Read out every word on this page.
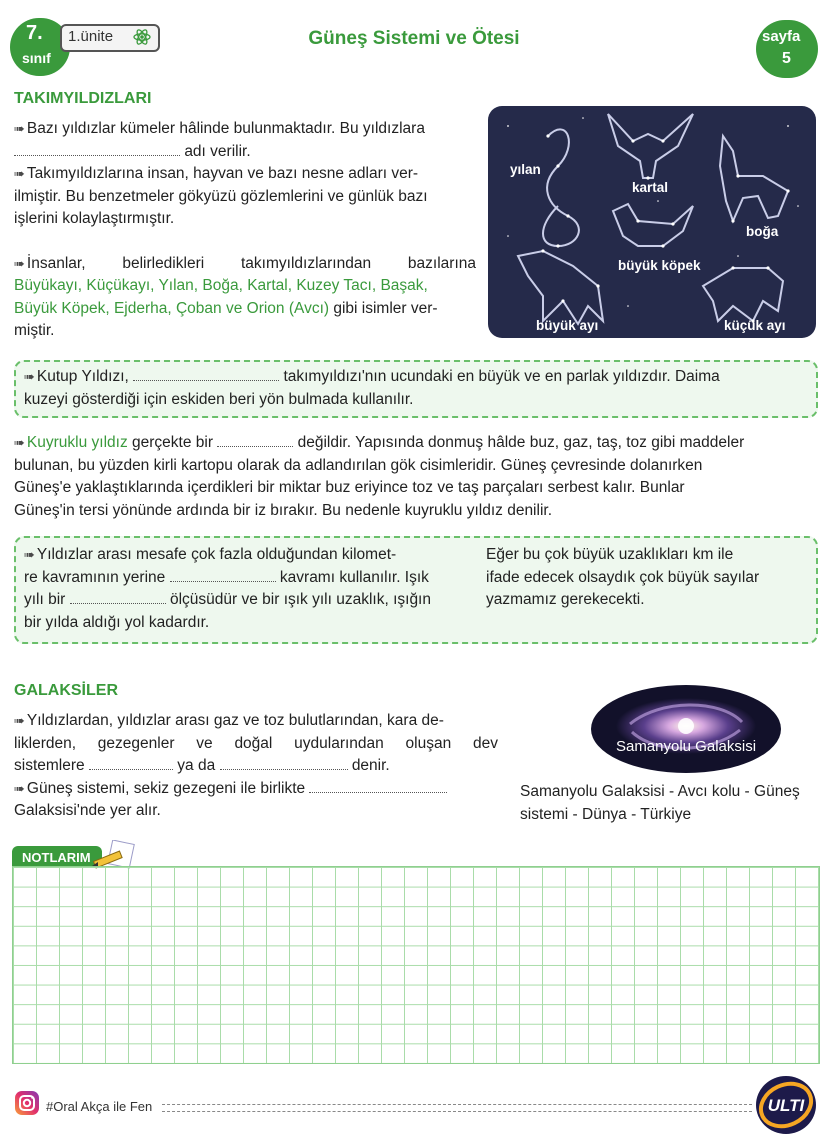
7.
sınıf
1.ünite	Güneş Sistemi ve Ötesi	sayfa
5
TAKIMYILDIZLARI

➠ Bazı yıldızlar kümeler hâlinde bulunmaktadır. Bu yıldızlara

adı verilir.

➠ Takımyıldızlarına insan, hayvan ve bazı nesne adları ver-

ilmiştir. Bu benzetmeler gökyüzü gözlemlerini ve günlük bazı

işlerini kolaylaştırmıştır.

➠ İnsanlar, belirledikleri takımyıldızlarından bazılarına

Büyükayı, Küçükayı, Yılan, Boğa, Kartal, Kuzey Tacı, Başak,

Büyük Köpek, Ejderha, Çoban ve Orion (Avcı) gibi isimler ver-

miştir.

yılan
kartal
boğa
büyük köpek
büyük ayı	küçük ayı

➠ Kutup Yıldızı,	takımyıldızı'nın ucundaki en büyük ve en parlak yıldızdır. Daima

kuzeyi gösterdiği için eskiden beri yön bulmada kullanılır.

➠ Kuyruklu yıldız gerçekte bir	değildir. Yapısında donmuş hâlde buz, gaz, taş, toz gibi maddeler

bulunan, bu yüzden kirli kartopu olarak da adlandırılan gök cisimleridir. Güneş çevresinde dolanırken

Güneş'e yaklaştıklarında içerdikleri bir miktar buz eriyince toz ve taş parçaları serbest kalır. Bunlar

Güneş'in tersi yönünde ardında bir iz bırakır. Bu nedenle kuyruklu yıldız denilir.

➠ Yıldızlar arası mesafe çok fazla olduğundan kilomet-

re kavramının yerine	kavramı kullanılır. Işık

yılı bir	ölçüsüdür ve bir ışık yılı uzaklık, ışığın

bir yılda aldığı yol kadardır.

Eğer bu çok büyük uzaklıkları km ile

ifade edecek olsaydık çok büyük sayılar

yazmamız gerekecekti.

GALAKSİLER

➠ Yıldızlardan, yıldızlar arası gaz ve toz bulutlarından, kara de-

liklerden, gezegenler ve doğal uydularından oluşan dev

sistemlere	ya da	denir.

➠ Güneş sistemi, sekiz gezegeni ile birlikte

Galaksisi'nde yer alır.

Samanyolu Galaksisi

Samanyolu Galaksisi - Avcı kolu - Güneş

sistemi - Dünya - Türkiye

NOTLARIM
#Oral Akça ile Fen	ULTI
